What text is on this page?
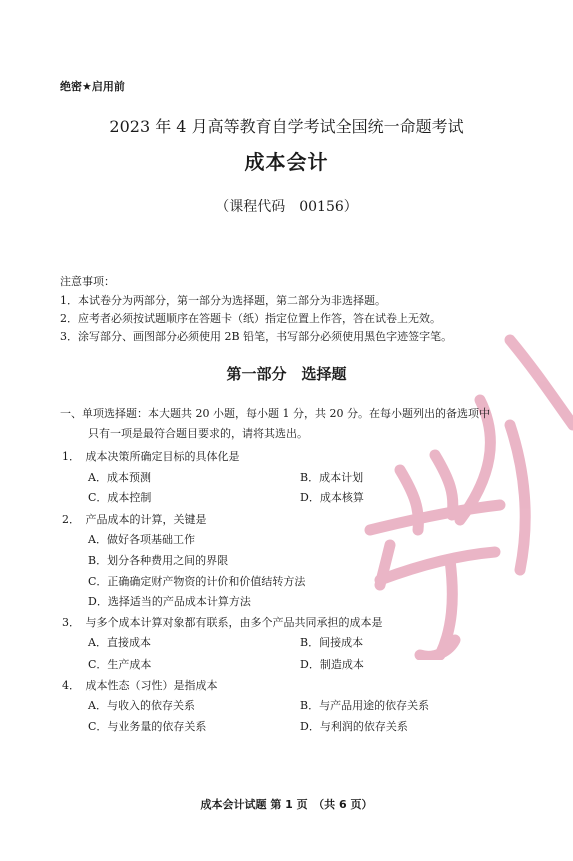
绝密★启用前
2023 年 4 月高等教育自学考试全国统一命题考试
成本会计
（课程代码　00156）
注意事项：
1．本试卷分为两部分，第一部分为选择题，第二部分为非选择题。
2．应考者必须按试题顺序在答题卡（纸）指定位置上作答，答在试卷上无效。
3．涂写部分、画图部分必须使用 2B 铅笔，书写部分必须使用黑色字迹签字笔。
第一部分　选择题
一、单项选择题：本大题共 20 小题，每小题 1 分，共 20 分。在每小题列出的备选项中
只有一项是最符合题目要求的，请将其选出。
1．　成本决策所确定目标的具体化是
A．成本预测	B．成本计划
C．成本控制	D．成本核算
2．　产品成本的计算，关键是
A．做好各项基础工作
B．划分各种费用之间的界限
C．正确确定财产物资的计价和价值结转方法
D．选择适当的产品成本计算方法
3．　与多个成本计算对象都有联系，由多个产品共同承担的成本是
A．直接成本	B．间接成本
C．生产成本	D．制造成本
4．　成本性态（习性）是指成本
A．与收入的依存关系	B．与产品用途的依存关系
C．与业务量的依存关系	D．与利润的依存关系
成本会计试题 第 1 页　（共 6 页）
